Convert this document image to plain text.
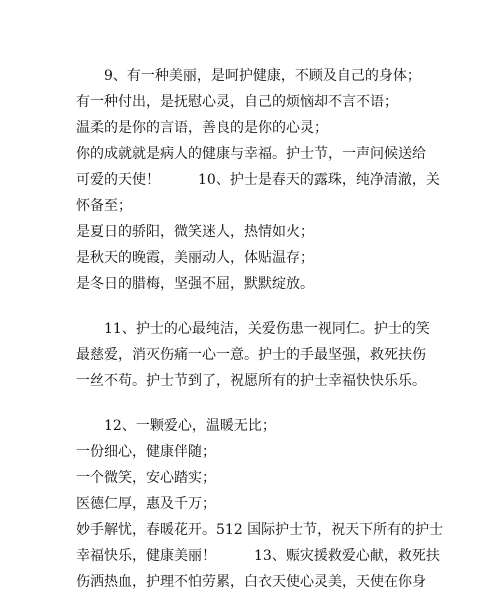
9、有一种美丽，是呵护健康，不顾及自己的身体；
有一种付出，是抚慰心灵，自己的烦恼却不言不语；
温柔的是你的言语，善良的是你的心灵；
你的成就就是病人的健康与幸福。护士节，一声问候送给
可爱的天使！	10、护士是春天的露珠，纯净清澈，关
怀备至；
是夏日的骄阳，微笑迷人，热情如火；
是秋天的晚霞，美丽动人，体贴温存；
是冬日的腊梅，坚强不屈，默默绽放。
11、护士的心最纯洁，关爱伤患一视同仁。护士的笑
最慈爱，消灭伤痛一心一意。护士的手最坚强，救死扶伤
一丝不苟。护士节到了，祝愿所有的护士幸福快快乐乐。
12、一颗爱心，温暖无比；
一份细心，健康伴随；
一个微笑，安心踏实；
医德仁厚，惠及千万；
妙手解忧，春暖花开。512 国际护士节，祝天下所有的护士
幸福快乐，健康美丽！	13、赈灾援救爱心献，救死扶
伤洒热血，护理不怕劳累，白衣天使心灵美，天使在你身
